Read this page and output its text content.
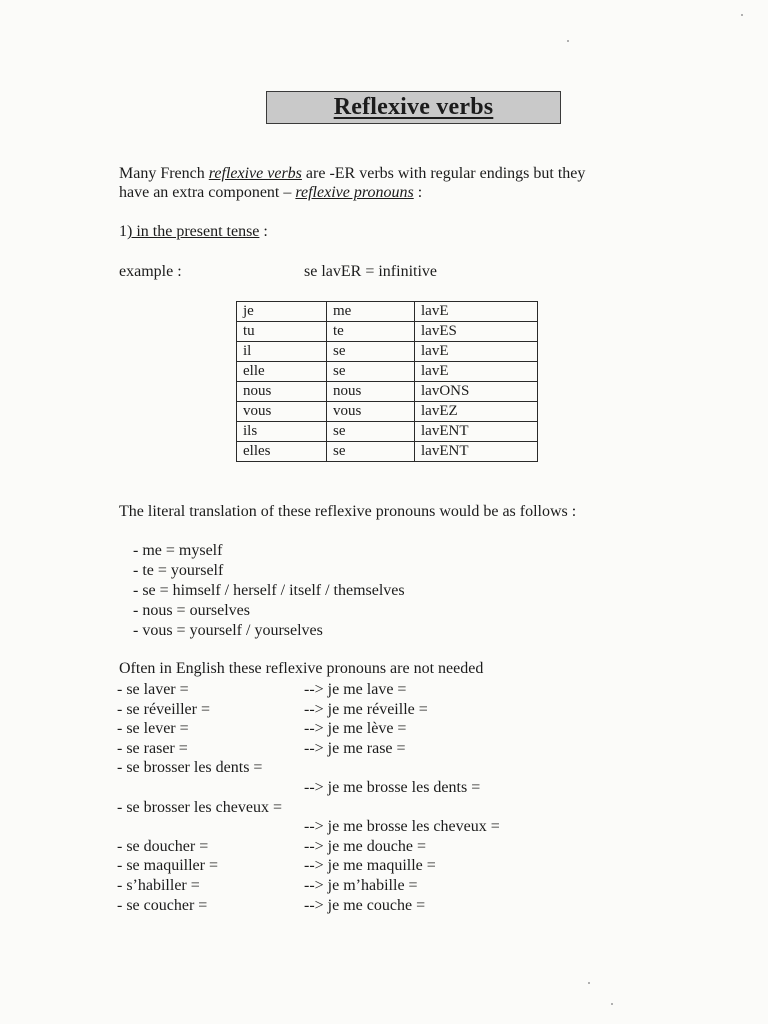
Reflexive verbs
Many French reflexive verbs are -ER verbs with regular endings but they
have an extra component – reflexive pronouns :
1) in the present tense :
example :	se lavER = infinitive
je	me	lavE
tu	te	lavES
il	se	lavE
elle	se	lavE
nous	nous	lavONS
vous	vous	lavEZ
ils	se	lavENT
elles	se	lavENT
The literal translation of these reflexive pronouns would be as follows :
- me = myself
- te = yourself
- se = himself / herself / itself / themselves
- nous = ourselves
- vous = yourself / yourselves
Often in English these reflexive pronouns are not needed
- se laver =	--> je me lave =
- se réveiller =	--> je me réveille =
- se lever =	--> je me lève =
- se raser =	--> je me rase =
- se brosser les dents =
--> je me brosse les dents =
- se brosser les cheveux =
--> je me brosse les cheveux =
- se doucher =	--> je me douche =
- se maquiller =	--> je me maquille =
- s’habiller =	--> je m’habille =
- se coucher =	--> je me couche =
